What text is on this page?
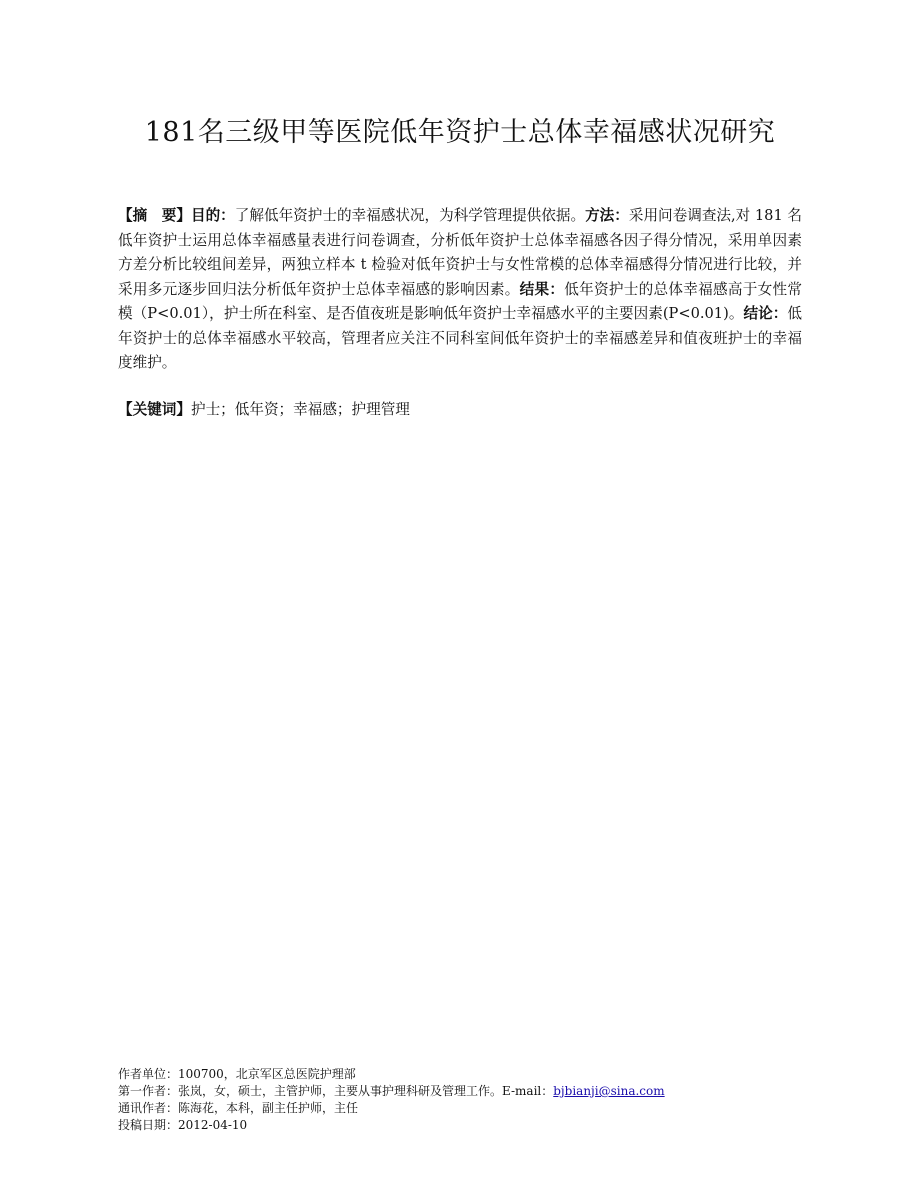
181名三级甲等医院低年资护士总体幸福感状况研究

【摘　要】目的：了解低年资护士的幸福感状况，为科学管理提供依据。方法：采用问卷调查法,对 181 名低年资护士运用总体幸福感量表进行问卷调查，分析低年资护士总体幸福感各因子得分情况，采用单因素方差分析比较组间差异，两独立样本 t 检验对低年资护士与女性常模的总体幸福感得分情况进行比较，并采用多元逐步回归法分析低年资护士总体幸福感的影响因素。结果：低年资护士的总体幸福感高于女性常模（P<0.01），护士所在科室、是否值夜班是影响低年资护士幸福感水平的主要因素(P<0.01)。结论：低年资护士的总体幸福感水平较高，管理者应关注不同科室间低年资护士的幸福感差异和值夜班护士的幸福度维护。

【关键词】护士；低年资；幸福感；护理管理

作者单位：100700，北京军区总医院护理部
第一作者：张岚，女，硕士，主管护师，主要从事护理科研及管理工作。E-mail：bjbianji@sina.com
通讯作者：陈海花，本科，副主任护师，主任
投稿日期：2012-04-10
